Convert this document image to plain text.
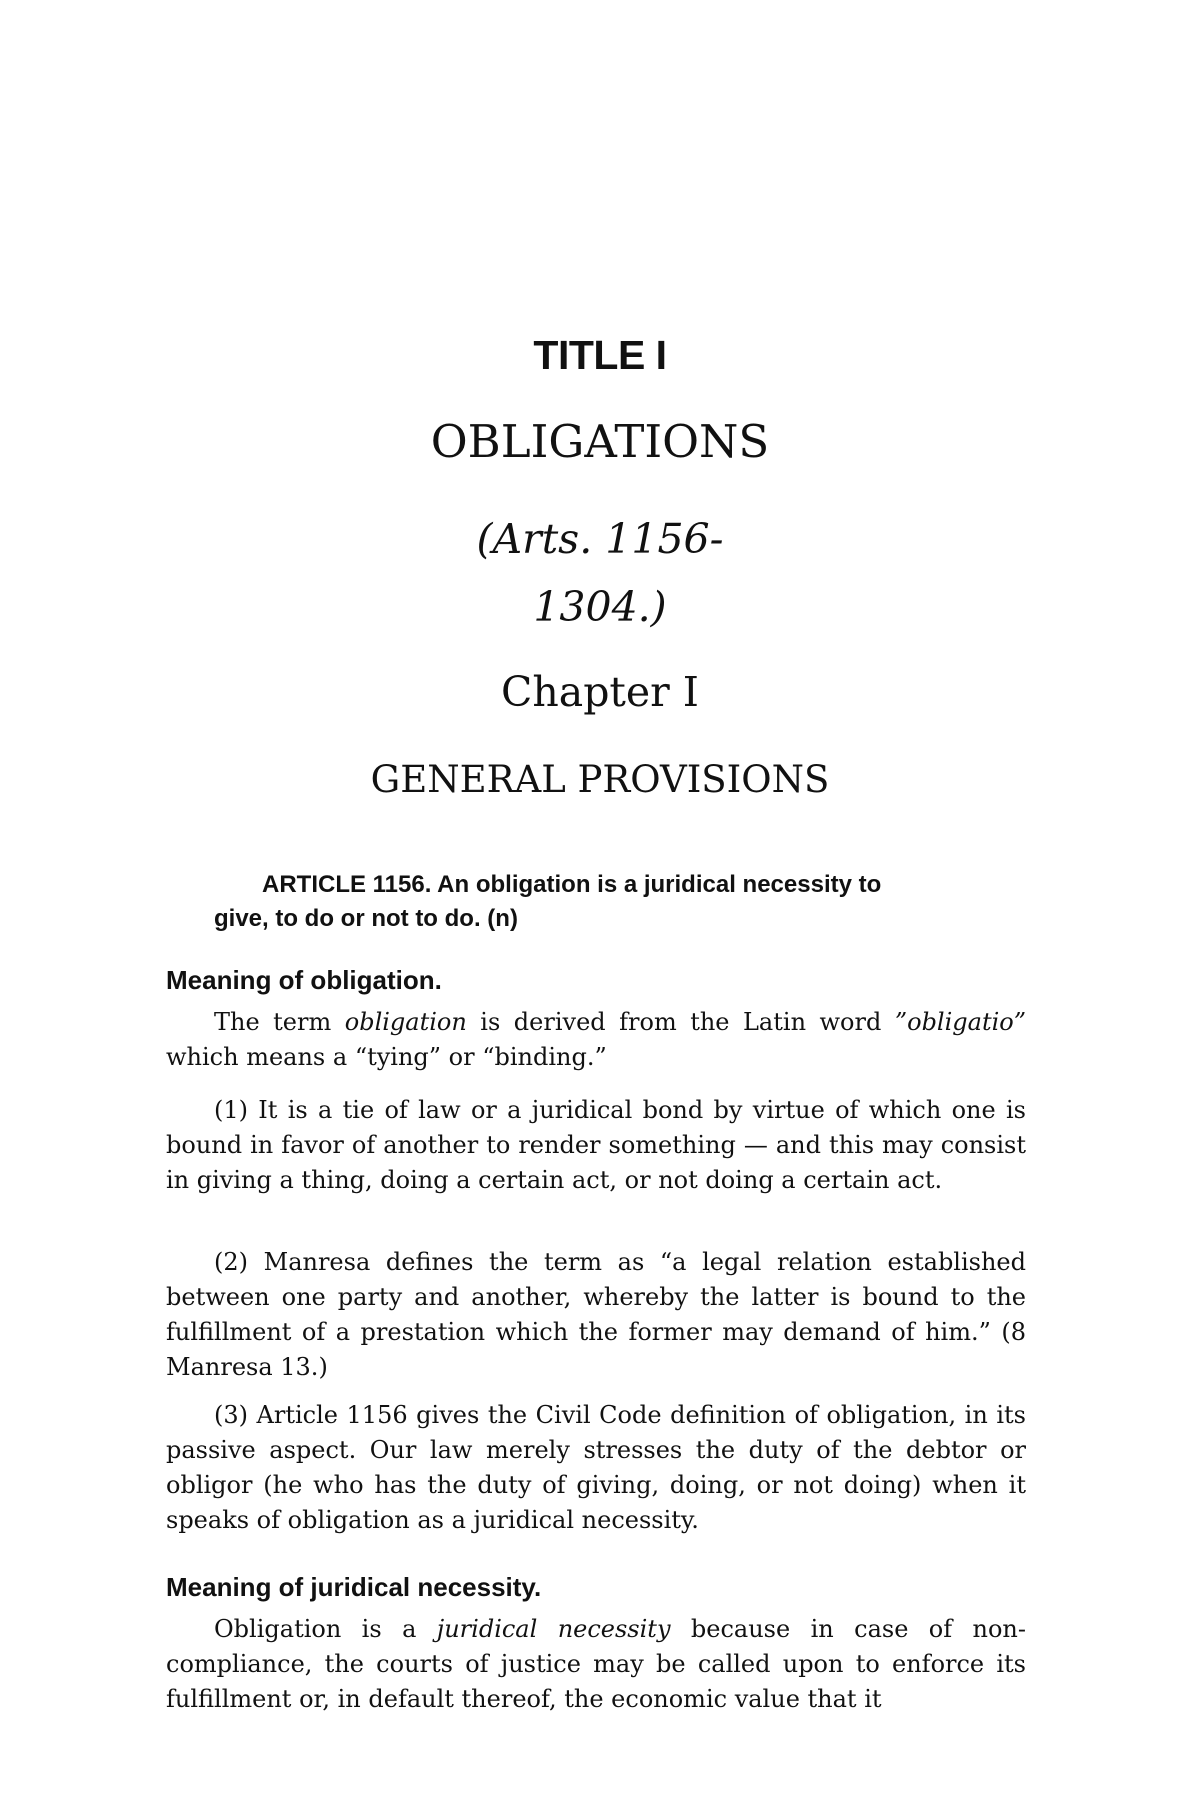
TITLE I
OBLIGATIONS
(Arts. 1156-
1304.)
Chapter I
GENERAL PROVISIONS
ARTICLE 1156. An obligation is a juridical necessity to
give, to do or not to do. (n)
Meaning of obligation.

The term obligation is derived from the Latin word ”obligatio” which means a “tying” or “binding.”

(1) It is a tie of law or a juridical bond by virtue of which one is bound in favor of another to render something — and this may consist in giving a thing, doing a certain act, or not doing a certain act.

(2) Manresa defines the term as “a legal relation established between one party and another, whereby the latter is bound to the fulfillment of a prestation which the former may demand of him.” (8 Manresa 13.)

(3) Article 1156 gives the Civil Code definition of obligation, in its passive aspect. Our law merely stresses the duty of the debtor or obligor (he who has the duty of giving, doing, or not doing) when it speaks of obligation as a juridical necessity.

Meaning of juridical necessity.

Obligation is a juridical necessity because in case of non-compliance, the courts of justice may be called upon to enforce its fulfillment or, in default thereof, the economic value that it
